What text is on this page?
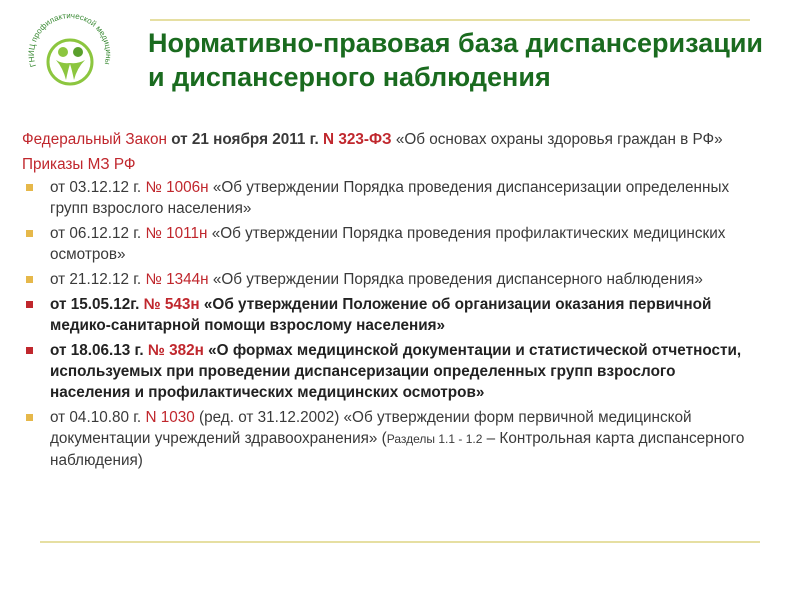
ГНИЦ профилактической медицины
Нормативно-правовая база диспансеризации и диспансерного наблюдения

Федеральный Закон от 21 ноября 2011 г. N 323-ФЗ «Об основах охраны здоровья граждан в РФ»

Приказы МЗ РФ

от 03.12.12 г. № 1006н «Об утверждении Порядка проведения диспансеризации определенных групп взрослого населения»
от 06.12.12 г. № 1011н «Об утверждении Порядка проведения профилактических медицинских осмотров»
от 21.12.12 г. № 1344н «Об утверждении Порядка проведения диспансерного наблюдения»
от 15.05.12г. № 543н «Об утверждении Положение об организации оказания первичной медико-санитарной помощи взрослому населения»
от 18.06.13 г. № 382н «О формах медицинской документации и статистической отчетности, используемых при проведении диспансеризации определенных групп взрослого населения и профилактических медицинских осмотров»
от 04.10.80 г. N 1030 (ред. от 31.12.2002) «Об утверждении форм первичной медицинской документации учреждений здравоохранения» (Разделы 1.1 - 1.2 – Контрольная карта диспансерного наблюдения)
